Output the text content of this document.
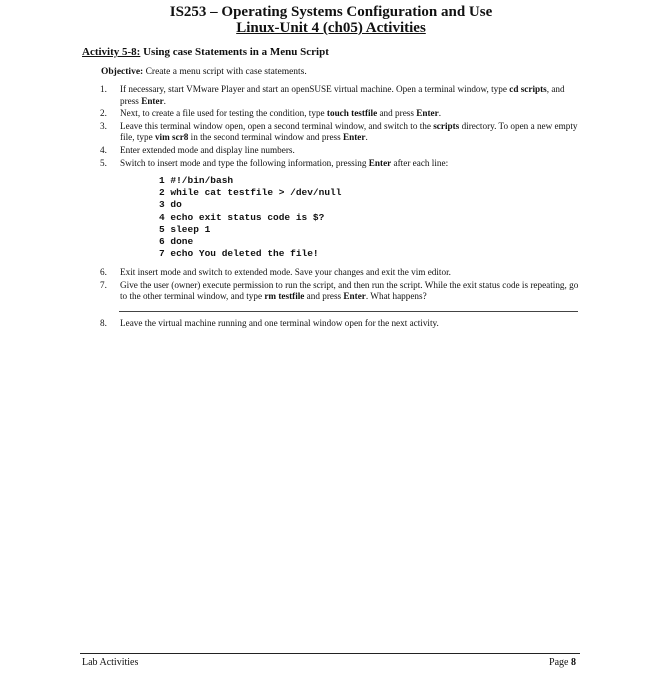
IS253 – Operating Systems Configuration and Use
Linux-Unit 4 (ch05) Activities
Activity 5-8: Using case Statements in a Menu Script
Objective: Create a menu script with case statements.
1.	If necessary, start VMware Player and start an openSUSE virtual machine. Open a terminal window, type cd scripts, and press Enter.
2.	Next, to create a file used for testing the condition, type touch testfile and press Enter.
3.	Leave this terminal window open, open a second terminal window, and switch to the scripts directory. To open a new empty file, type vim scr8 in the second terminal window and press Enter.
4.	Enter extended mode and display line numbers.
5.	Switch to insert mode and type the following information, pressing Enter after each line:
1 #!/bin/bash
2 while cat testfile > /dev/null
3 do
4 echo exit status code is $?
5 sleep 1
6 done
7 echo You deleted the file!
6.	Exit insert mode and switch to extended mode. Save your changes and exit the vim editor.
7.	Give the user (owner) execute permission to run the script, and then run the script. While the exit status code is repeating, go to the other terminal window, and type rm testfile and press Enter. What happens?
8.	Leave the virtual machine running and one terminal window open for the next activity.
Lab Activities	Page 8
